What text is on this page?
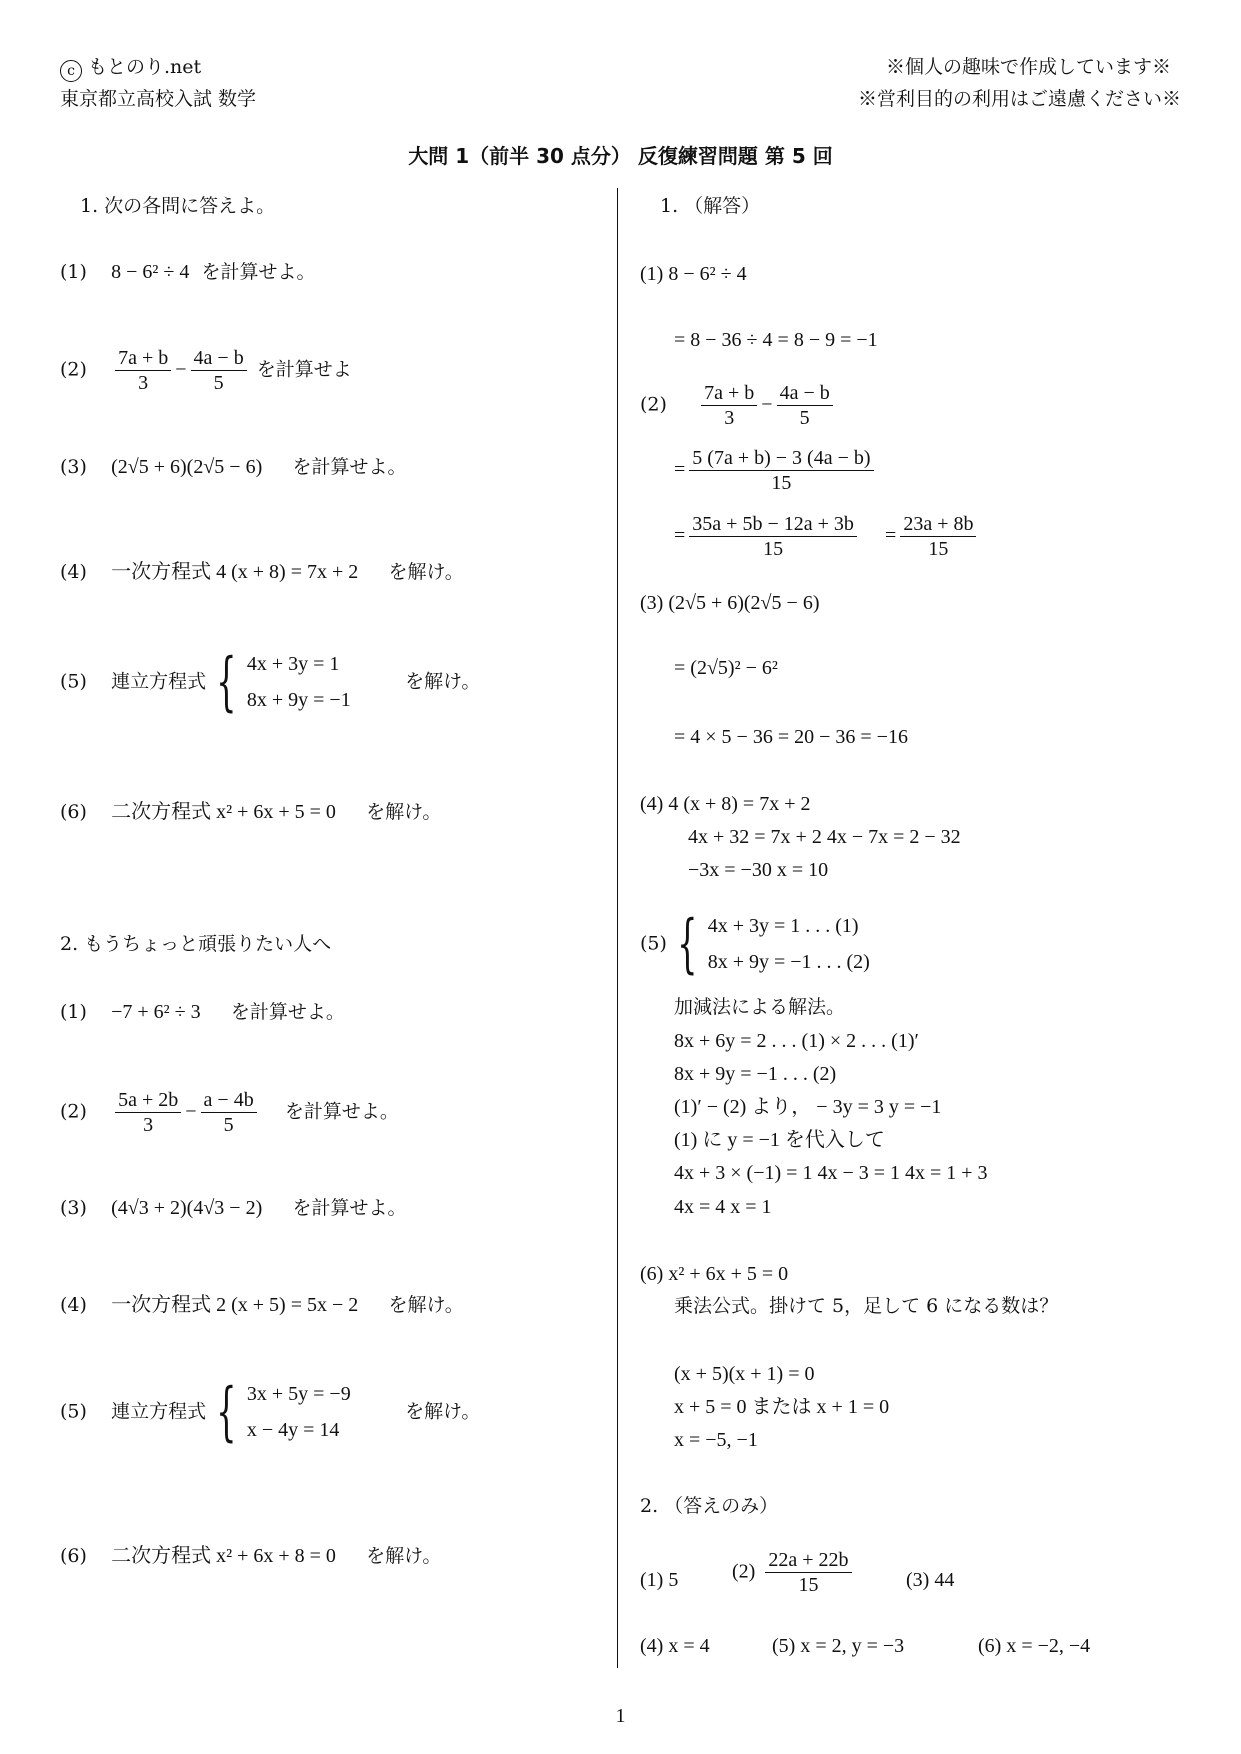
c もとのり.net
東京都立高校入試 数学
※個人の趣味で作成しています※
※営利目的の利用はご遠慮ください※
大問 1（前半 30 点分） 反復練習問題 第 5 回
1. 次の各問に答えよ。
(1) 8 − 6² ÷ 4 を計算せよ。
$(2) \frac{7a + b}{3} - \frac{4a - b}{5}$ を計算せよ
(3) (2√5 + 6)(2√5 − 6) を計算せよ。
(4) 一次方程式 4 (x + 8) = 7x + 2 を解け。
(5) 連立方程式 { 4x + 3y = 1
8x + 9y = −1
を解け。
(6) 二次方程式 x² + 6x + 5 = 0 を解け。
2. もうちょっと頑張りたい人へ
(1) −7 + 6² ÷ 3 を計算せよ。
$(2) \frac{5a + 2b}{3} - \frac{a - 4b}{5}$ を計算せよ。
(3) (4√3 + 2)(4√3 − 2) を計算せよ。
(4) 一次方程式 2 (x + 5) = 5x − 2 を解け。
(5) 連立方程式 { 3x + 5y = −9
x − 4y = 14
を解け。
(6) 二次方程式 x² + 6x + 8 = 0 を解け。
1. （解答）
(1) 8 − 6² ÷ 4
= 8 − 36 ÷ 4 = 8 − 9 = −1
$(2) \frac{7a + b}{3} - \frac{4a - b}{5}$
= $\frac{5 (7a + b) - 3 (4a - b)}{15}$
= $\frac{35a + 5b - 12a + 3b}{15} = \frac{23a + 8b}{15}$
(3) (2√5 + 6)(2√5 − 6)
= (2√5)² − 6²
= 4 × 5 − 36 = 20 − 36 = −16
(4) 4 (x + 8) = 7x + 2
4x + 32 = 7x + 2 4x − 7x = 2 − 32
−3x = −30 x = 10
(5) { 4x + 3y = 1 . . . (1)
8x + 9y = −1 . . . (2)
加減法による解法。
8x + 6y = 2 . . . (1) × 2 . . . (1)′
8x + 9y = −1 . . . (2)
(1)′ − (2) より， − 3y = 3 y = −1
(1) に y = −1 を代入して
4x + 3 × (−1) = 1 4x − 3 = 1 4x = 1 + 3
4x = 4 x = 1
(6) x² + 6x + 5 = 0
乗法公式。掛けて 5，足して 6 になる数は？
(x + 5)(x + 1) = 0
x + 5 = 0 または x + 1 = 0
x = −5, −1
2. （答えのみ）
(1) 5	$(2) \frac{22a + 22b}{15}$	(3) 44
(4) x = 4	(5) x = 2, y = −3	(6) x = −2, −4
1
